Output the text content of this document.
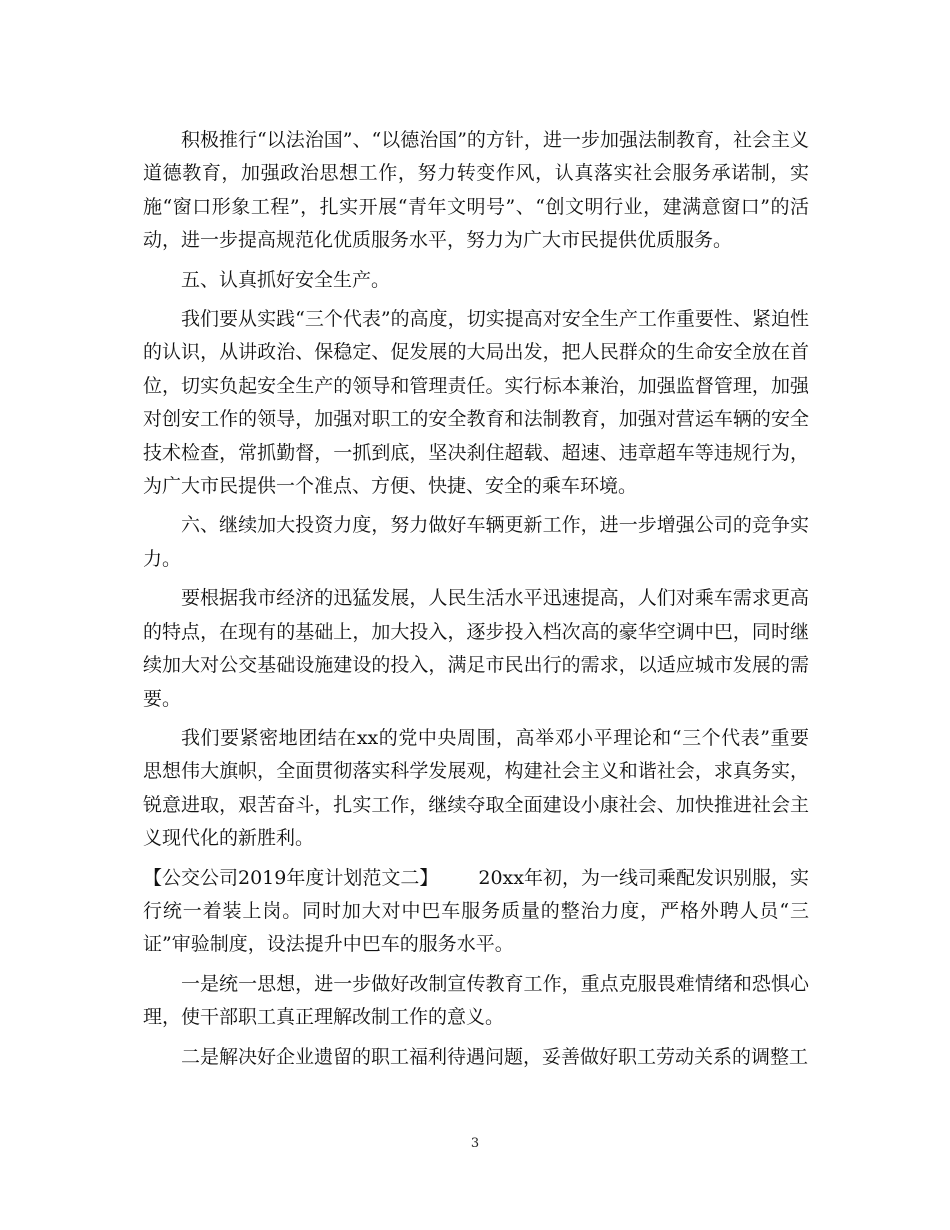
积极推行“以法治国”、“以德治国”的方针，进一步加强法制教育，社会主义道德教育，加强政治思想工作，努力转变作风，认真落实社会服务承诺制，实施“窗口形象工程”，扎实开展“青年文明号”、“创文明行业，建满意窗口”的活动，进一步提高规范化优质服务水平，努力为广大市民提供优质服务。

五、认真抓好安全生产。

我们要从实践“三个代表”的高度，切实提高对安全生产工作重要性、紧迫性的认识，从讲政治、保稳定、促发展的大局出发，把人民群众的生命安全放在首位，切实负起安全生产的领导和管理责任。实行标本兼治，加强监督管理，加强对创安工作的领导，加强对职工的安全教育和法制教育，加强对营运车辆的安全技术检查，常抓勤督，一抓到底，坚决刹住超载、超速、违章超车等违规行为，为广大市民提供一个准点、方便、快捷、安全的乘车环境。

六、继续加大投资力度，努力做好车辆更新工作，进一步增强公司的竞争实力。

要根据我市经济的迅猛发展，人民生活水平迅速提高，人们对乘车需求更高的特点，在现有的基础上，加大投入，逐步投入档次高的豪华空调中巴，同时继续加大对公交基础设施建设的投入，满足市民出行的需求，以适应城市发展的需要。

我们要紧密地团结在xx的党中央周围，高举邓小平理论和“三个代表”重要思想伟大旗帜，全面贯彻落实科学发展观，构建社会主义和谐社会，求真务实，锐意进取，艰苦奋斗，扎实工作，继续夺取全面建设小康社会、加快推进社会主义现代化的新胜利。

【公交公司2019年度计划范文二】 20xx年初，为一线司乘配发识别服，实行统一着装上岗。同时加大对中巴车服务质量的整治力度，严格外聘人员“三证”审验制度，设法提升中巴车的服务水平。

一是统一思想，进一步做好改制宣传教育工作，重点克服畏难情绪和恐惧心理，使干部职工真正理解改制工作的意义。

二是解决好企业遗留的职工福利待遇问题，妥善做好职工劳动关系的调整工

3
